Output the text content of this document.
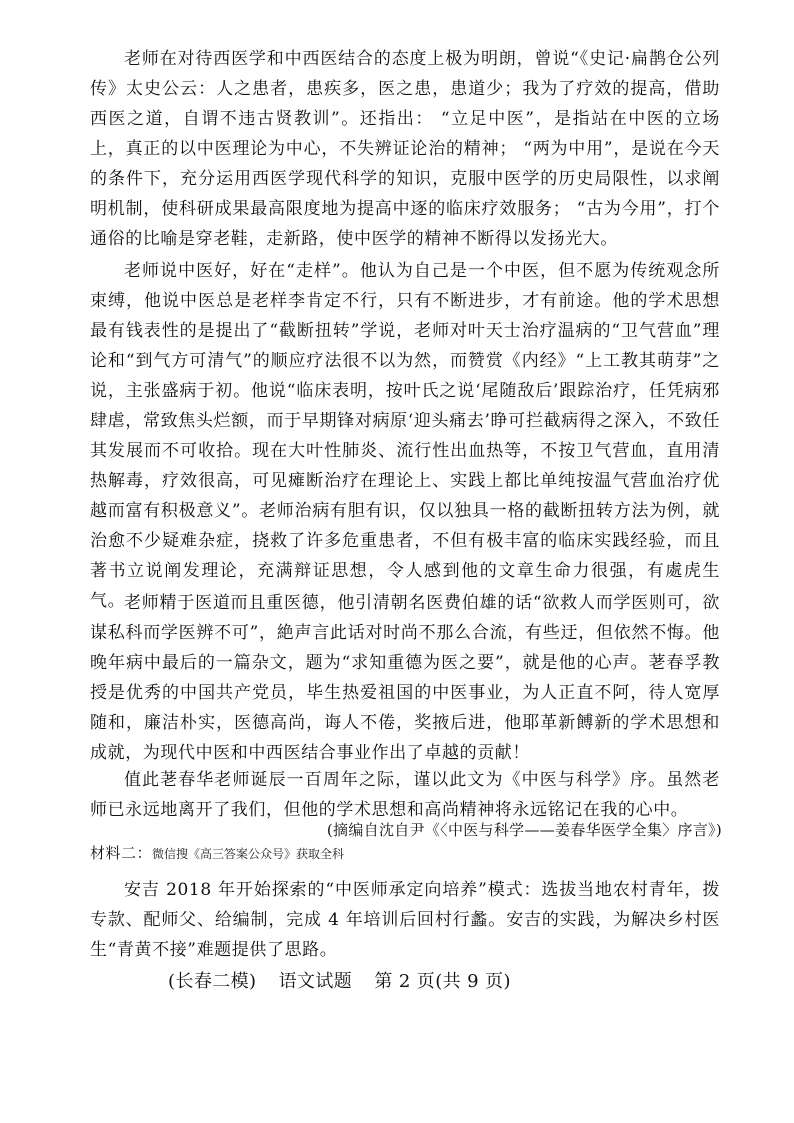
老师在对待西医学和中西医结合的态度上极为明朗，曾说“《史记·扁鹊仓公列传》太史公云：人之患者，患疾多，医之患，患道少；我为了疗效的提高，借助西医之道，自谓不违古贤教训”。还指出： “立足中医”，是指站在中医的立场上，真正的以中医理论为中心，不失辨证论治的精神； “两为中用”，是说在今天的条件下，充分运用西医学现代科学的知识，克服中医学的历史局限性，以求阐明机制，使科研成果最高限度地为提高中逐的临床疗效服务； “古为今用”，打个通俗的比喻是穿老鞋，走新路，使中医学的精神不断得以发扬光大。

老师说中医好，好在“走样”。他认为自己是一个中医，但不愿为传统观念所束缚，他说中医总是老样李肯定不行，只有不断进步，才有前途。他的学术思想最有钱表性的是提出了“截断扭转”学说，老师对叶天士治疗温病的“卫气营血”理论和“到气方可清气”的顺应疗法很不以为然，而赞赏《内经》“上工教其萌芽”之说，主张盛病于初。他说“临床表明，按叶氏之说‘尾随敌后’跟踪治疗，任凭病邪肆虐，常致焦头烂额，而于早期锋对病原‘迎头痛去’睁可拦截病得之深入，不致任其发展而不可收拾。现在大叶性肺炎、流行性出血热等，不按卫气营血，直用清热解毒，疗效很高，可见瘫断治疗在理论上、实践上都比单纯按温气营血治疗优越而富有积极意义”。老师治病有胆有识，仅以独具一格的截断扭转方法为例，就治愈不少疑难杂症，挠救了许多危重患者，不但有极丰富的临床实践经验，而且著书立说阐发理论，充满辩证思想，令人感到他的文章生命力很强，有處虎生气。

老师精于医道而且重医德，他引清朝名医费伯雄的话“欲救人而学医则可，欲谋私科而学医辨不可”，絶声言此话对时尚不那么合流，有些迂，但依然不悔。他晚年病中最后的一篇杂文，题为“求知重德为医之要”，就是他的心声。荖春孚教授是优秀的中国共产党员，毕生热爱祖国的中医事业，为人正直不阿，待人宽厚随和，廉洁朴实，医德高尚，诲人不倦，奖掖后进，他耶革新餺新的学术思想和成就，为现代中医和中西医结合事业作出了卓越的贡献！

值此荖春华老师诞辰一百周年之际，谨以此文为《中医与科学》序。虽然老师已永远地离开了我们，但他的学术思想和高尚精神将永远铭记在我的心中。

(摘编自沈自尹《〈中医与科学——姜春华医学全集〉序言》)
材料二：微信搜《高三答案公众号》获取全科

安吉 2018 年开始探索的“中医师承定向培养”模式：选拔当地农村青年，拨专款、配师父、给编制，完成 4 年培训后回村行蠡。安吉的实践，为解决乡村医生“青黄不接”难题提供了思路。

(长春二模) 语文试题 第 2 页(共 9 页)
